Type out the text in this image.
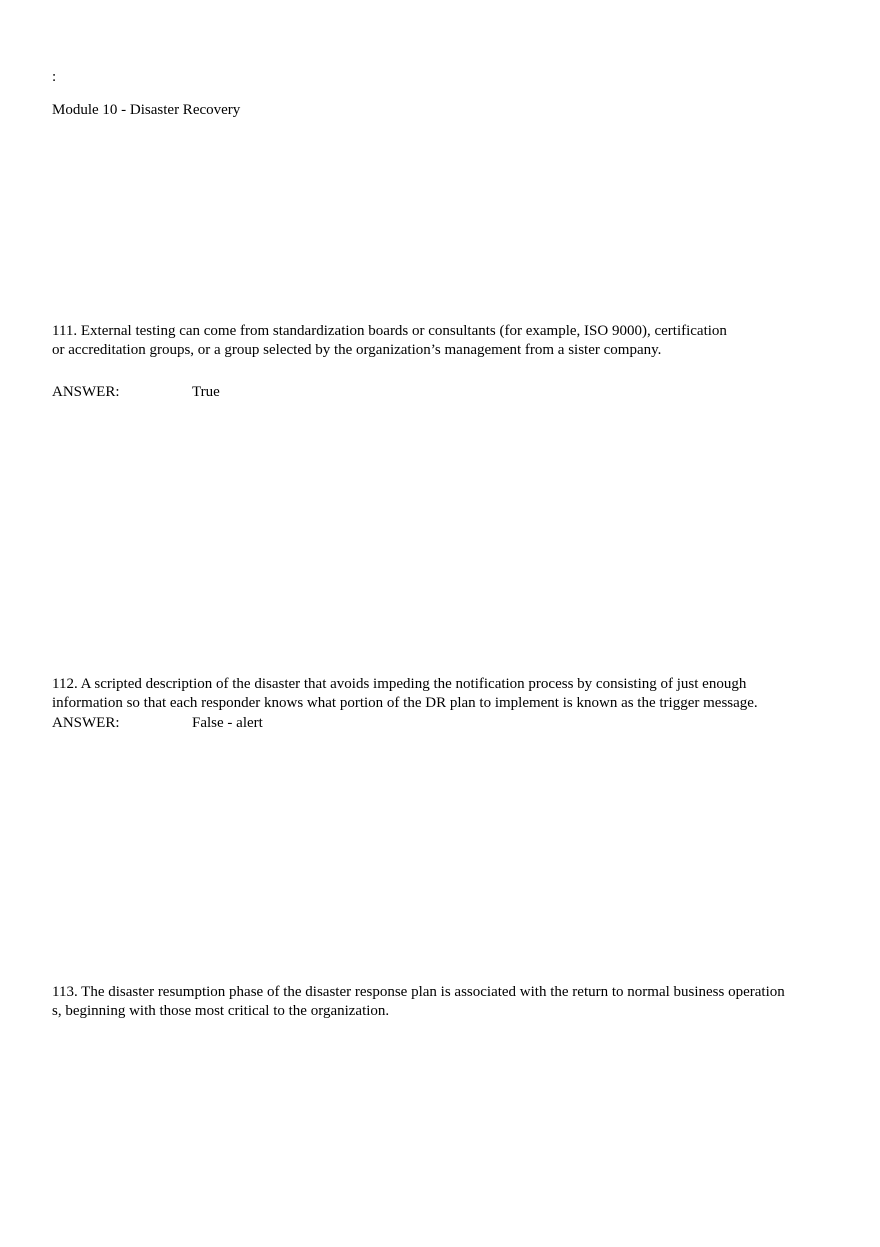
:
Module 10 - Disaster Recovery
111. External testing can come from standardization boards or consultants (for example, ISO 9000), certification
or accreditation groups, or a group selected by the organization’s management from a sister company.
ANSWER:	True
112. A scripted description of the disaster that avoids impeding the notification process by consisting of just enough
information so that each responder knows what portion of the DR plan to implement is known as the trigger message.
ANSWER:	False - alert
113. The disaster resumption phase of the disaster response plan is associated with the return to normal business operation
s, beginning with those most critical to the organization.
